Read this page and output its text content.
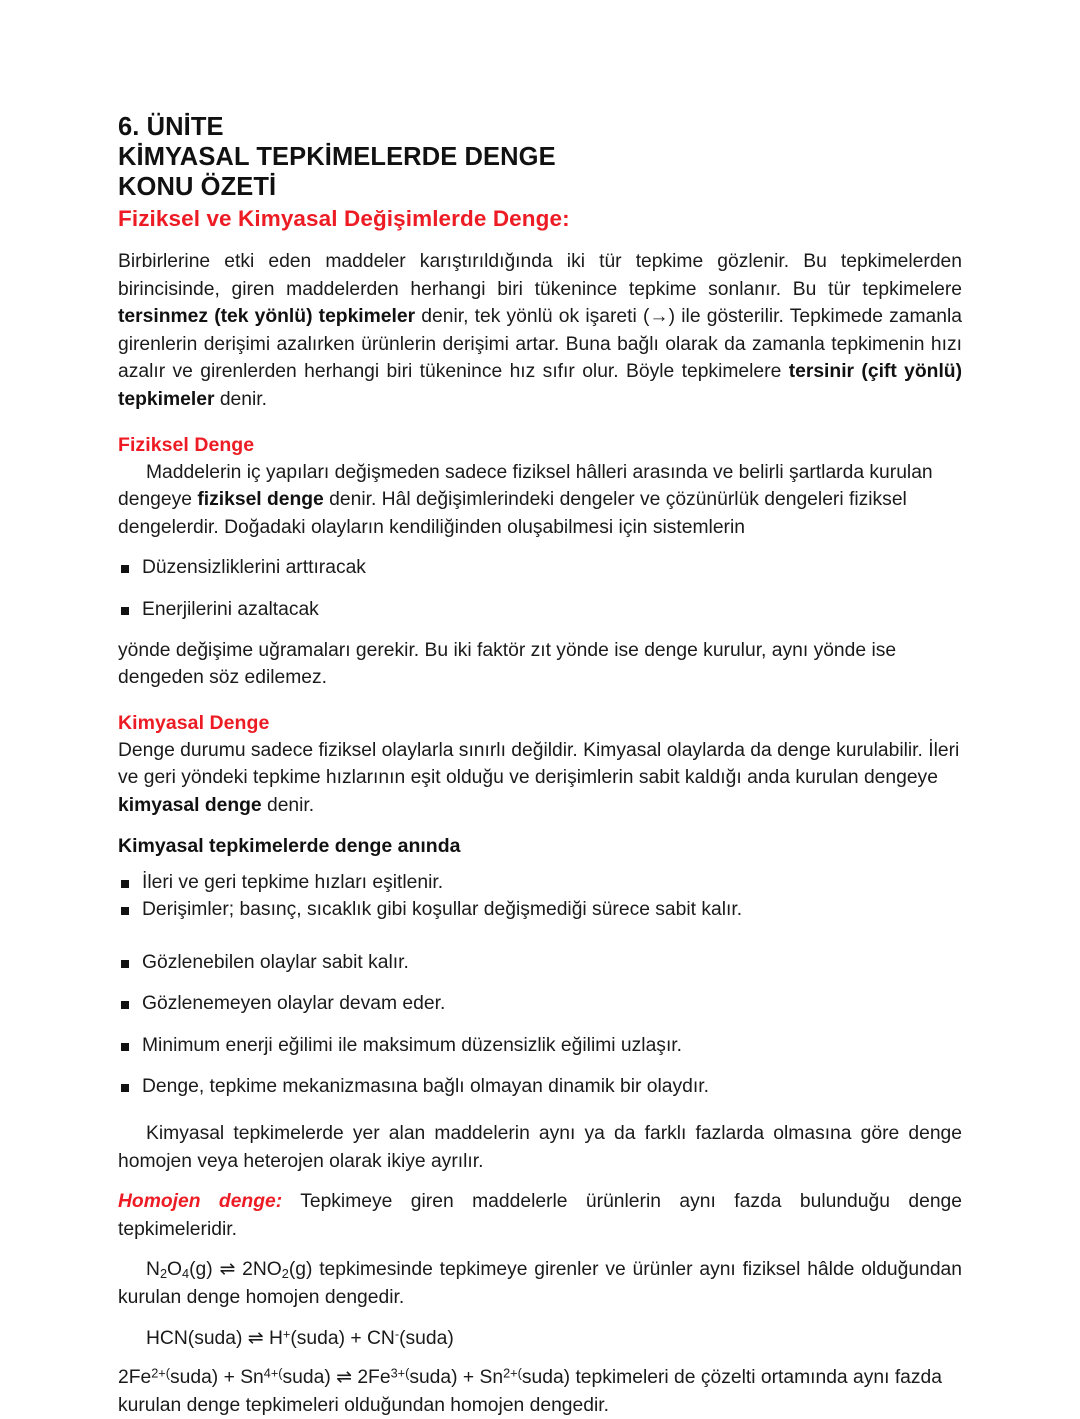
6. ÜNİTE
KİMYASAL TEPKİMELERDE DENGE
KONU ÖZETİ
Fiziksel ve Kimyasal Değişimlerde Denge:

Birbirlerine etki eden maddeler karıştırıldığında iki tür tepkime gözlenir. Bu tepkimelerden birincisinde, giren maddelerden herhangi biri tükenince tepkime sonlanır. Bu tür tepkimelere tersinmez (tek yönlü) tepkimeler denir, tek yönlü ok işareti (→) ile gösterilir. Tepkimede zamanla girenlerin derişimi azalırken ürünlerin derişimi artar. Buna bağlı olarak da zamanla tepkimenin hızı azalır ve girenlerden herhangi biri tükenince hız sıfır olur. Böyle tepkimelere tersinir (çift yönlü) tepkimeler denir.

Fiziksel Denge

Maddelerin iç yapıları değişmeden sadece fiziksel hâlleri arasında ve belirli şartlarda kurulan dengeye fiziksel denge denir. Hâl değişimlerindeki dengeler ve çözünürlük dengeleri fiziksel dengelerdir. Doğadaki olayların kendiliğinden oluşabilmesi için sistemlerin

Düzensizliklerini arttıracak
Enerjilerini azaltacak

yönde değişime uğramaları gerekir. Bu iki faktör zıt yönde ise denge kurulur, aynı yönde ise dengeden söz edilemez.

Kimyasal Denge

Denge durumu sadece fiziksel olaylarla sınırlı değildir. Kimyasal olaylarda da denge kurulabilir. İleri ve geri yöndeki tepkime hızlarının eşit olduğu ve derişimlerin sabit kaldığı anda kurulan dengeye kimyasal denge denir.

Kimyasal tepkimelerde denge anında
İleri ve geri tepkime hızları eşitlenir.
Derişimler; basınç, sıcaklık gibi koşullar değişmediği sürece sabit kalır.
Gözlenebilen olaylar sabit kalır.
Gözlenemeyen olaylar devam eder.
Minimum enerji eğilimi ile maksimum düzensizlik eğilimi uzlaşır.
Denge, tepkime mekanizmasına bağlı olmayan dinamik bir olaydır.

Kimyasal tepkimelerde yer alan maddelerin aynı ya da farklı fazlarda olmasına göre denge homojen veya heterojen olarak ikiye ayrılır.

Homojen denge: Tepkimeye giren maddelerle ürünlerin aynı fazda bulunduğu denge tepkimeleridir.

$N_2O_4(g)$ ⇌ $2NO_2(g)$ tepkimesinde tepkimeye girenler ve ürünler aynı fiziksel hâlde olduğundan kurulan denge homojen dengedir.

HCN(suda) ⇌ H+(suda) + CN-(suda)

$2Fe^{2+(}suda$) + $Sn^{4+(}suda$) ⇌ $2Fe^{3+(}suda$) + $Sn^{2+(}suda$) tepkimeleri de çözelti ortamında aynı fazda kurulan denge tepkimeleri olduğundan homojen dengedir.
